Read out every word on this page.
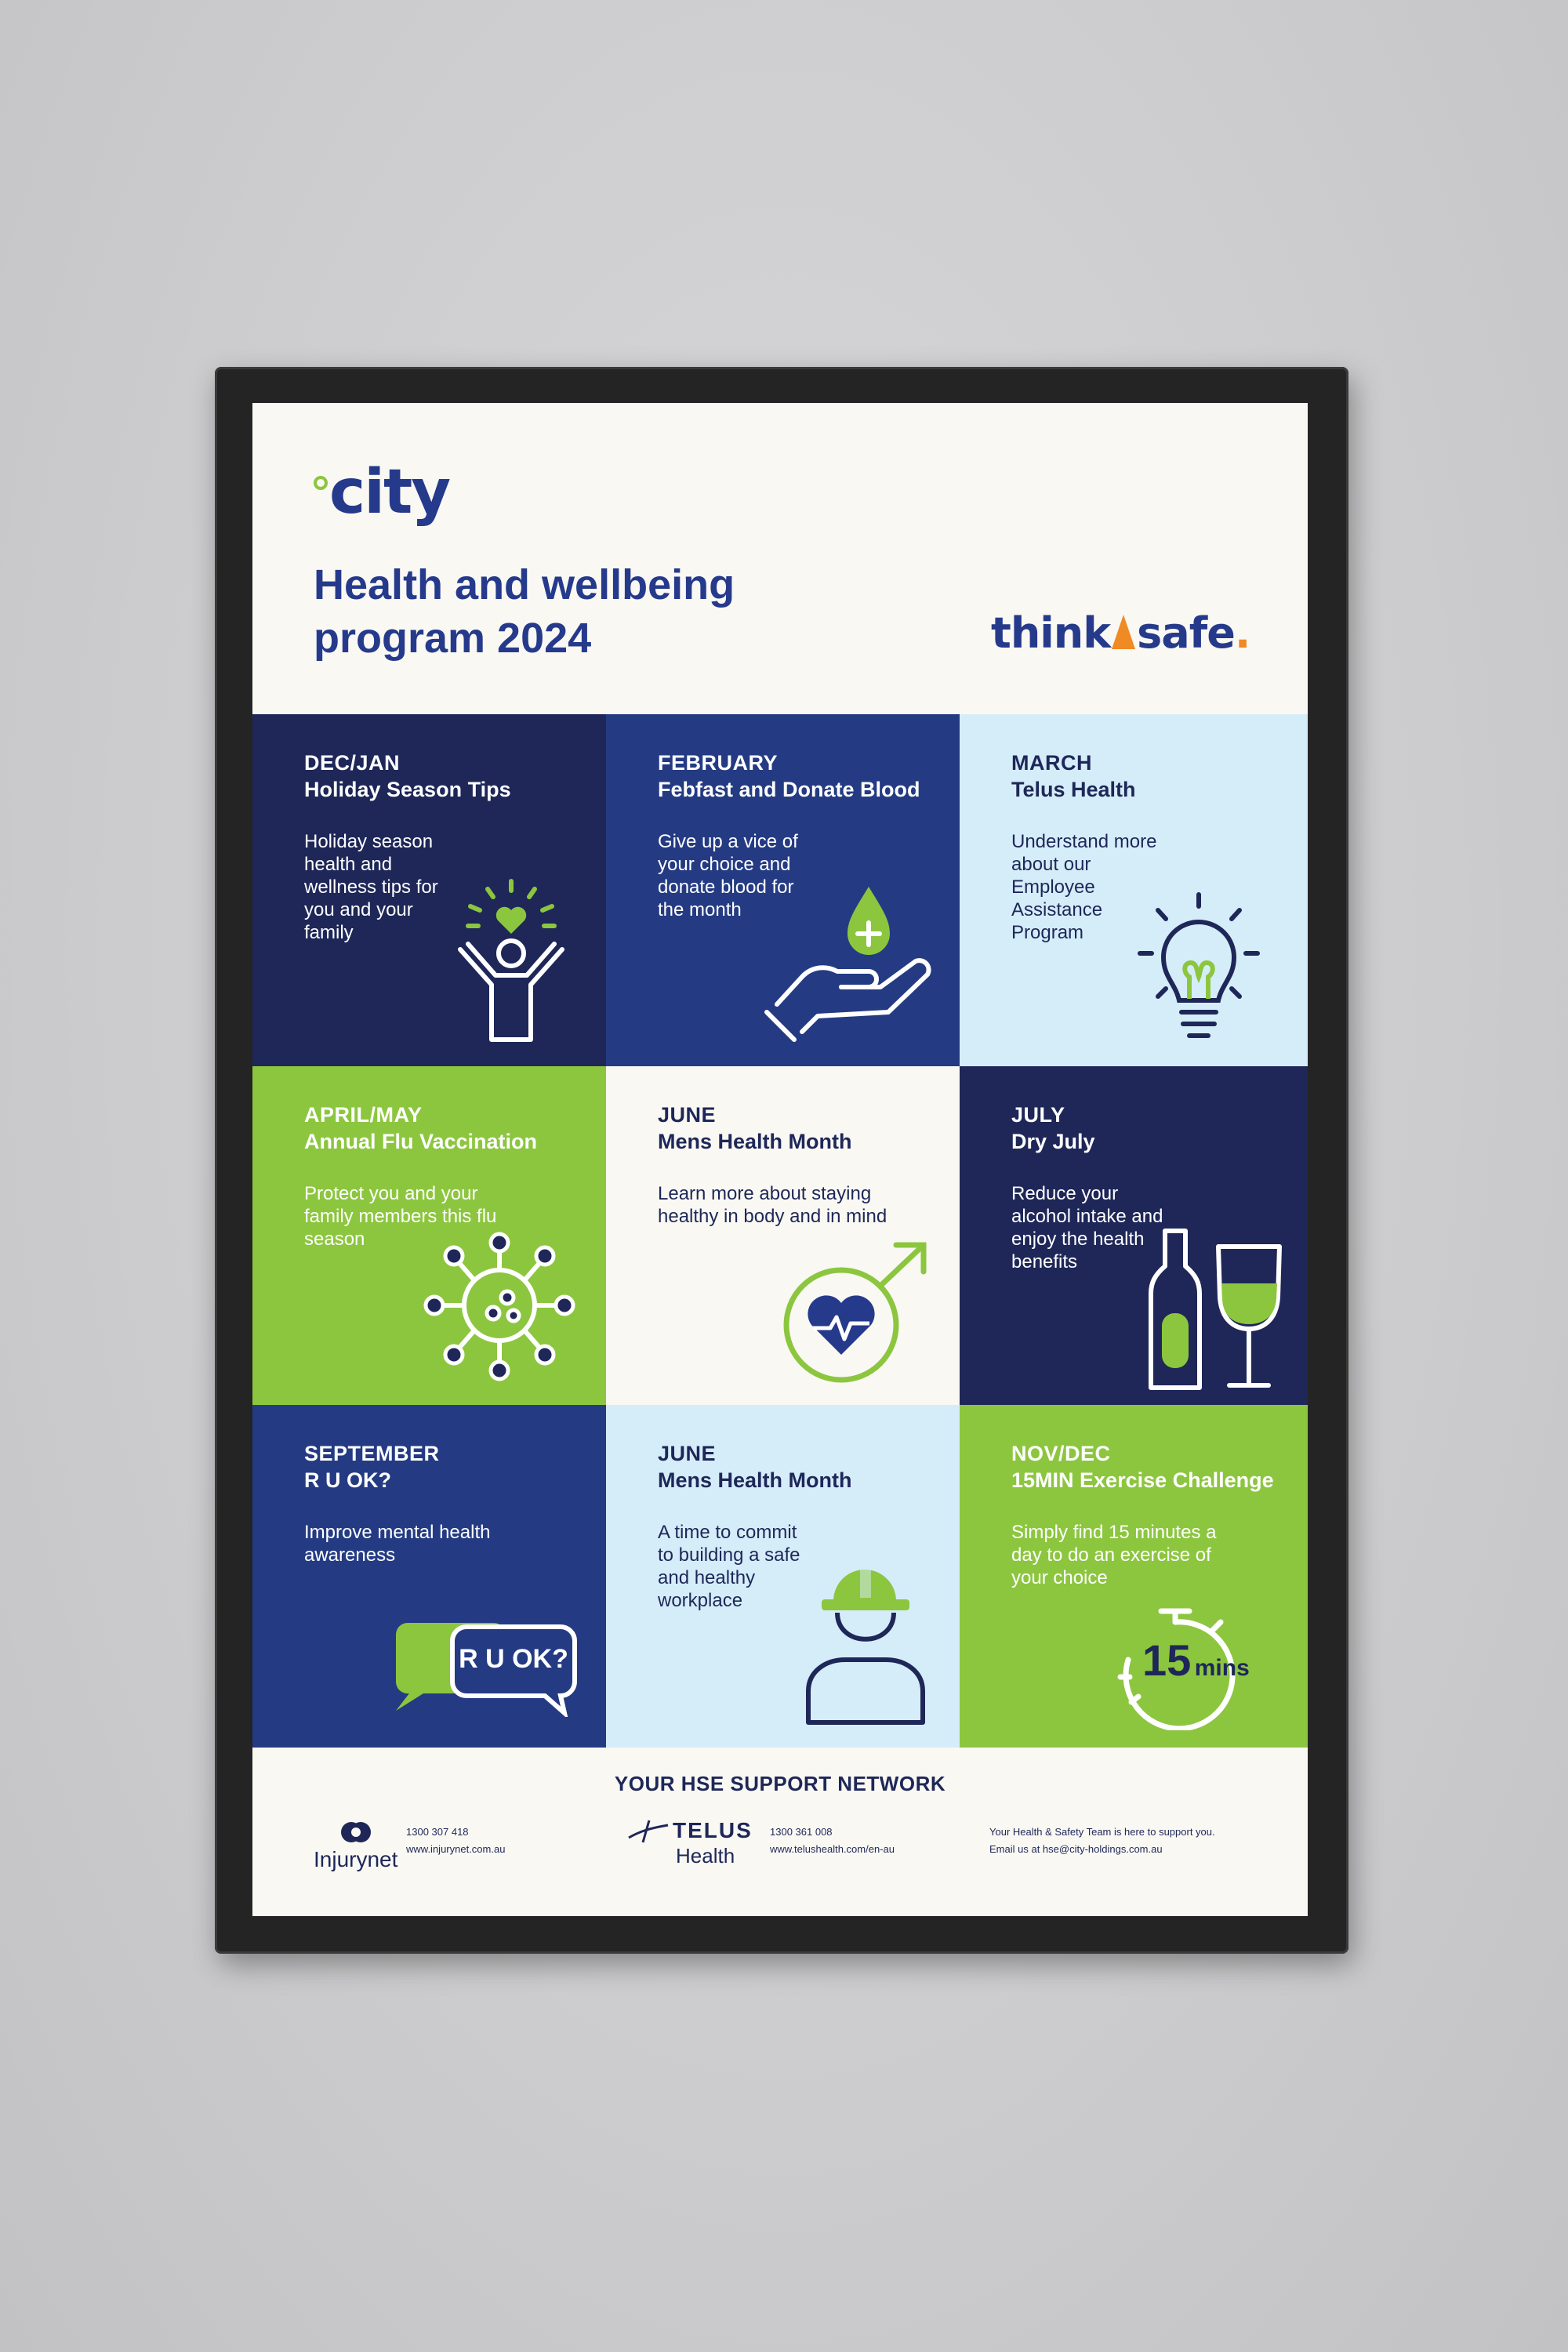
city
Health and wellbeing
program 2024	think safe .
DEC/JAN
Holiday Season Tips
Holiday season health and wellness tips for you and your family
FEBRUARY
Febfast and Donate Blood
Give up a vice of your choice and donate blood for the month
MARCH
Telus Health
Understand more about our Employee Assistance Program
APRIL/MAY
Annual Flu Vaccination
Protect you and your family members this flu season
JUNE
Mens Health Month
Learn more about staying healthy in body and in mind
JULY
Dry July
Reduce your alcohol intake and enjoy the health benefits
SEPTEMBER
R U OK?
Improve mental health awareness
R U OK?
JUNE
Mens Health Month
A time to commit to building a safe and healthy workplace
NOV/DEC
15MIN Exercise Challenge
Simply find 15 minutes a day to do an exercise of your choice
15 mins
YOUR HSE SUPPORT NETWORK
Injurynet
1300 307 418
www.injurynet.com.au
TELUS
Health
1300 361 008
www.telushealth.com/en-au
Your Health & Safety Team is here to support you.
Email us at hse@city-holdings.com.au
